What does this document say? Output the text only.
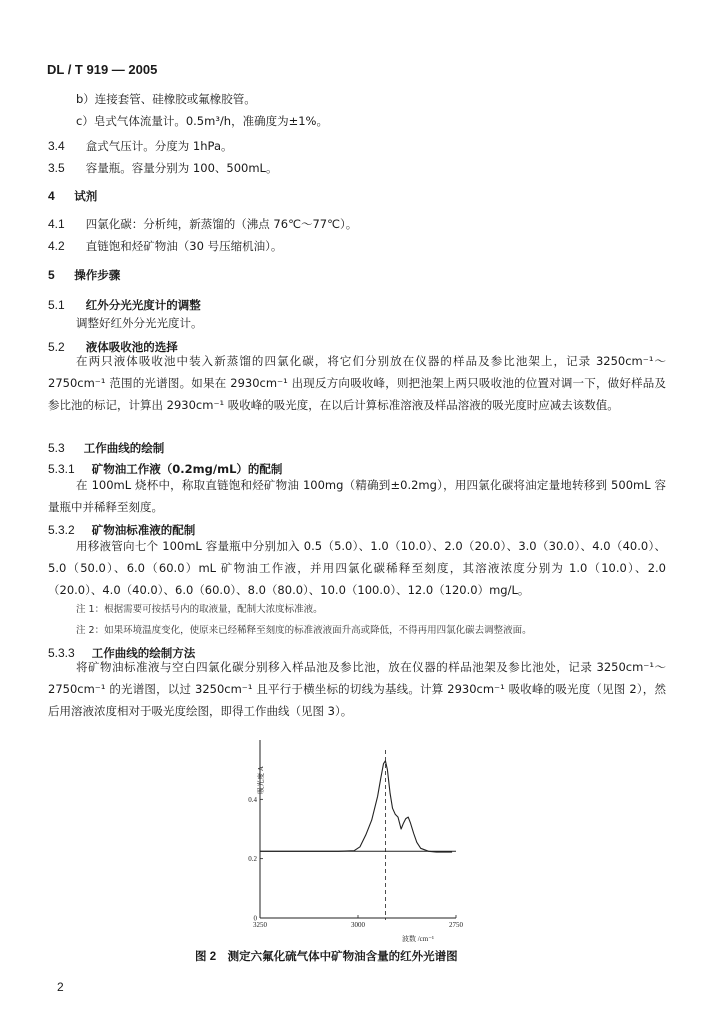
DL / T 919 — 2005
b）连接套管、硅橡胶或氟橡胶管。
c）皂式气体流量计。0.5m³/h，准确度为±1%。
3.4 盒式气压计。分度为 1hPa。
3.5 容量瓶。容量分别为 100、500mL。
4 试剂
4.1 四氯化碳：分析纯，新蒸馏的（沸点 76℃～77℃）。
4.2 直链饱和烃矿物油（30 号压缩机油）。
5 操作步骤
5.1 红外分光光度计的调整
调整好红外分光光度计。
5.2 液体吸收池的选择
在两只液体吸收池中装入新蒸馏的四氯化碳，将它们分别放在仪器的样品及参比池架上，记录 3250cm⁻¹～2750cm⁻¹ 范围的光谱图。如果在 2930cm⁻¹ 出现反方向吸收峰，则把池架上两只吸收池的位置对调一下，做好样品及参比池的标记，计算出 2930cm⁻¹ 吸收峰的吸光度，在以后计算标准溶液及样品溶液的吸光度时应减去该数值。
5.3 工作曲线的绘制
5.3.1 矿物油工作液（0.2mg/mL）的配制
在 100mL 烧杯中，称取直链饱和烃矿物油 100mg（精确到±0.2mg），用四氯化碳将油定量地转移到 500mL 容量瓶中并稀释至刻度。
5.3.2 矿物油标准液的配制
用移液管向七个 100mL 容量瓶中分别加入 0.5（5.0）、1.0（10.0）、2.0（20.0）、3.0（30.0）、4.0（40.0）、5.0（50.0）、6.0（60.0）mL 矿物油工作液，并用四氯化碳稀释至刻度，其溶液浓度分别为 1.0（10.0）、2.0（20.0）、4.0（40.0）、6.0（60.0）、8.0（80.0）、10.0（100.0）、12.0（120.0）mg/L。
注 1：根据需要可按括号内的取液量，配制大浓度标准液。
注 2：如果环境温度变化，使原来已经稀释至刻度的标准液液面升高或降低，不得再用四氯化碳去调整液面。
5.3.3 工作曲线的绘制方法
将矿物油标准液与空白四氯化碳分别移入样品池及参比池，放在仪器的样品池架及参比池处，记录 3250cm⁻¹～2750cm⁻¹ 的光谱图，以过 3250cm⁻¹ 且平行于横坐标的切线为基线。计算 2930cm⁻¹ 吸收峰的吸光度（见图 2），然后用溶液浓度相对于吸光度绘图，即得工作曲线（见图 3）。
吸光度 A
波数 /cm⁻¹
0
0.2
0.4
3250	3000	2750
图 2　测定六氟化硫气体中矿物油含量的红外光谱图
2
